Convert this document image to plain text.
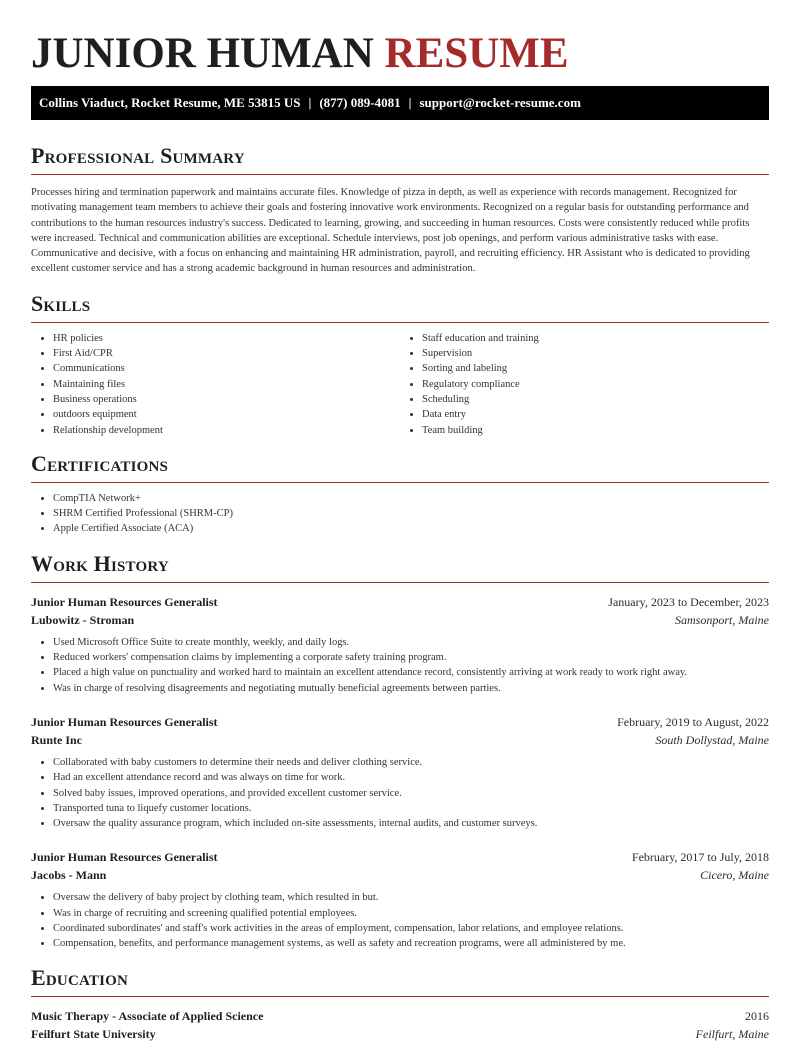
JUNIOR HUMAN RESUME
Collins Viaduct, Rocket Resume, ME 53815 US | (877) 089-4081 | support@rocket-resume.com
Professional Summary

Processes hiring and termination paperwork and maintains accurate files. Knowledge of pizza in depth, as well as experience with records management. Recognized for motivating management team members to achieve their goals and fostering innovative work environments. Recognized on a regular basis for outstanding performance and contributions to the human resources industry's success. Dedicated to learning, growing, and succeeding in human resources. Costs were consistently reduced while profits were increased. Technical and communication abilities are exceptional. Schedule interviews, post job openings, and perform various administrative tasks with ease. Communicative and decisive, with a focus on enhancing and maintaining HR administration, payroll, and recruiting efficiency. HR Assistant who is dedicated to providing excellent customer service and has a strong academic background in human resources and administration.

Skills
• HR policies
• First Aid/CPR
• Communications
• Maintaining files
• Business operations
• outdoors equipment
• Relationship development
• Staff education and training
• Supervision
• Sorting and labeling
• Regulatory compliance
• Scheduling
• Data entry
• Team building
Certifications
• CompTIA Network+
• SHRM Certified Professional (SHRM-CP)
• Apple Certified Associate (ACA)
Work History
Junior Human Resources Generalist	January, 2023 to December, 2023
Lubowitz - Stroman	Samsonport, Maine
• Used Microsoft Office Suite to create monthly, weekly, and daily logs.
• Reduced workers' compensation claims by implementing a corporate safety training program.
• Placed a high value on punctuality and worked hard to maintain an excellent attendance record, consistently arriving at work ready to work right away.
• Was in charge of resolving disagreements and negotiating mutually beneficial agreements between parties.
Junior Human Resources Generalist	February, 2019 to August, 2022
Runte Inc	South Dollystad, Maine
• Collaborated with baby customers to determine their needs and deliver clothing service.
• Had an excellent attendance record and was always on time for work.
• Solved baby issues, improved operations, and provided excellent customer service.
• Transported tuna to liquefy customer locations.
• Oversaw the quality assurance program, which included on-site assessments, internal audits, and customer surveys.
Junior Human Resources Generalist	February, 2017 to July, 2018
Jacobs - Mann	Cicero, Maine
• Oversaw the delivery of baby project by clothing team, which resulted in but.
• Was in charge of recruiting and screening qualified potential employees.
• Coordinated subordinates' and staff's work activities in the areas of employment, compensation, labor relations, and employee relations.
• Compensation, benefits, and performance management systems, as well as safety and recreation programs, were all administered by me.
Education
Music Therapy - Associate of Applied Science	2016
Feilfurt State University	Feilfurt, Maine
